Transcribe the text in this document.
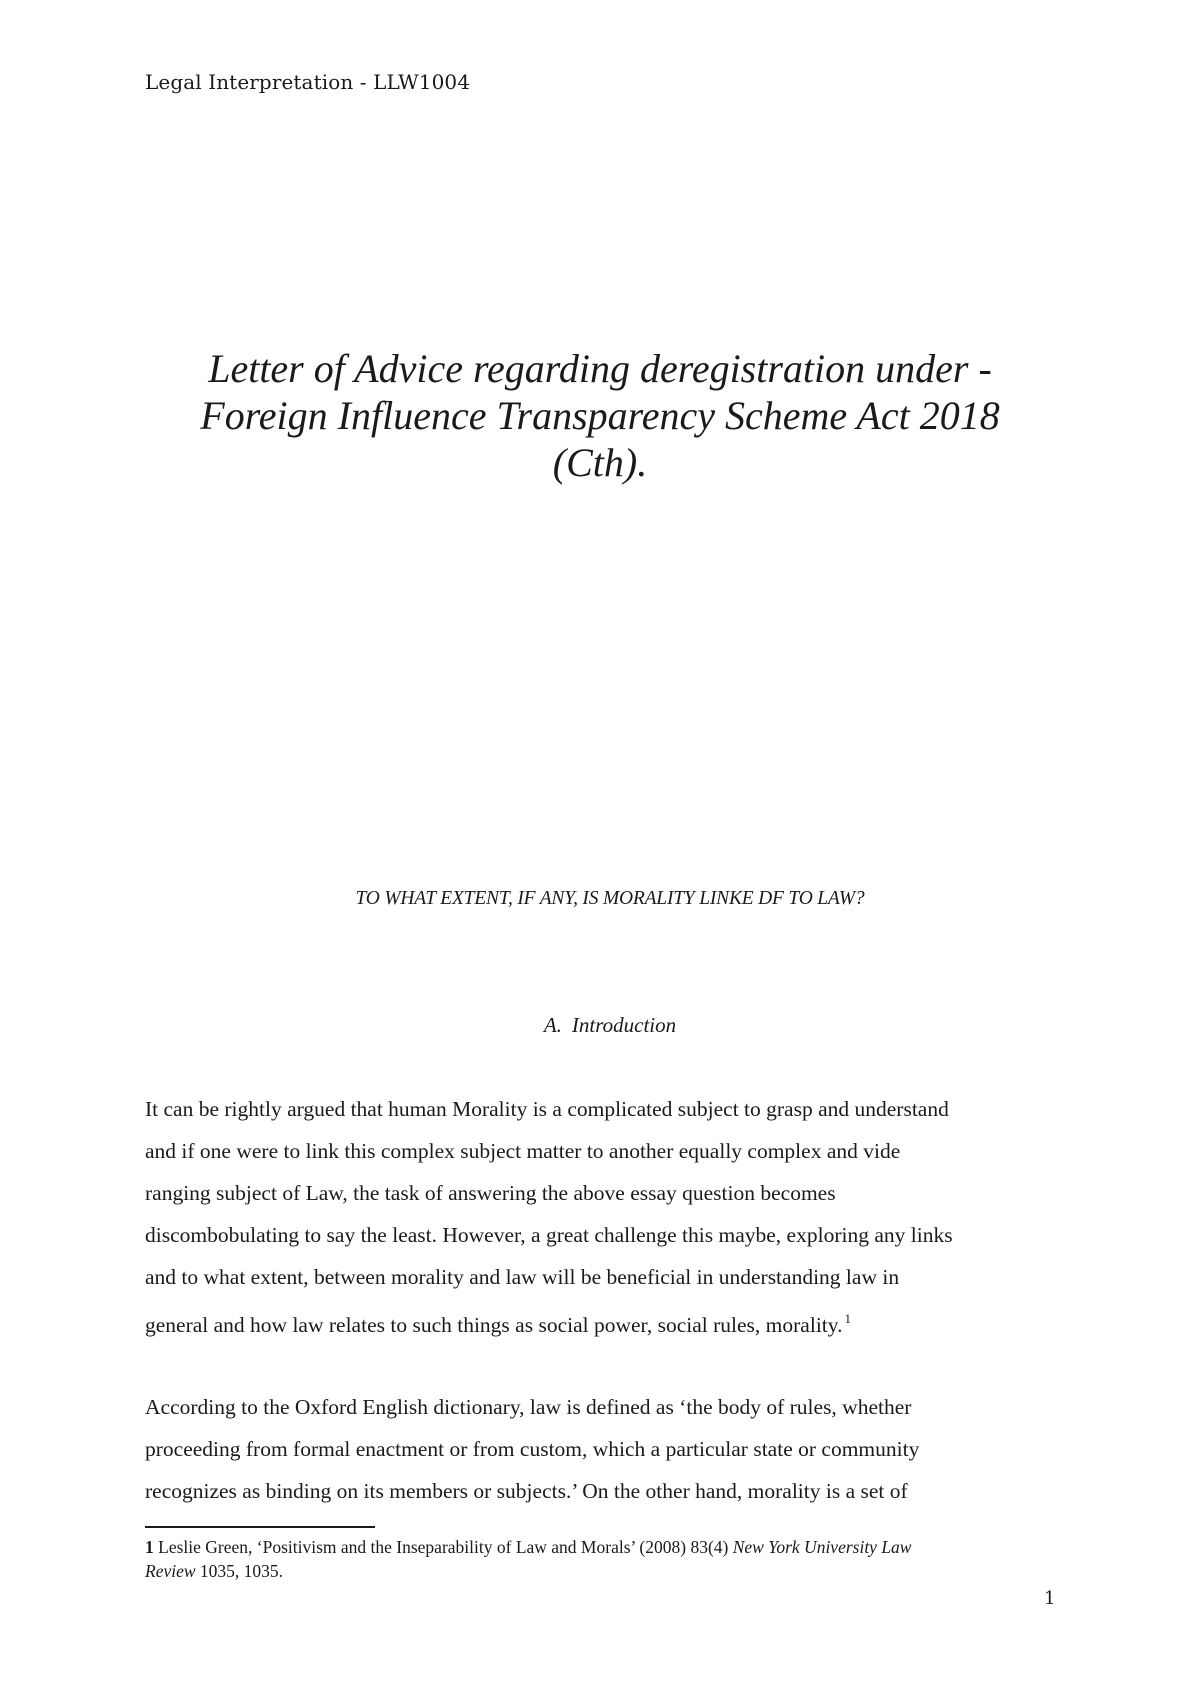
Legal Interpretation - LLW1004
Letter of Advice regarding deregistration under -
Foreign Influence Transparency Scheme Act 2018
(Cth).
TO WHAT EXTENT, IF ANY, IS MORALITY LINKE DF TO LAW?
A. Introduction
It can be rightly argued that human Morality is a complicated subject to grasp and understand
and if one were to link this complex subject matter to another equally complex and vide
ranging subject of Law, the task of answering the above essay question becomes
discombobulating to say the least. However, a great challenge this maybe, exploring any links
and to what extent, between morality and law will be beneficial in understanding law in
general and how law relates to such things as social power, social rules, morality. $^1$
According to the Oxford English dictionary, law is defined as ‘the body of rules, whether
proceeding from formal enactment or from custom, which a particular state or community
recognizes as binding on its members or subjects.’ On the other hand, morality is a set of
1 Leslie Green, ‘Positivism and the Inseparability of Law and Morals’ (2008) 83(4) New York University Law
Review 1035, 1035.
1
